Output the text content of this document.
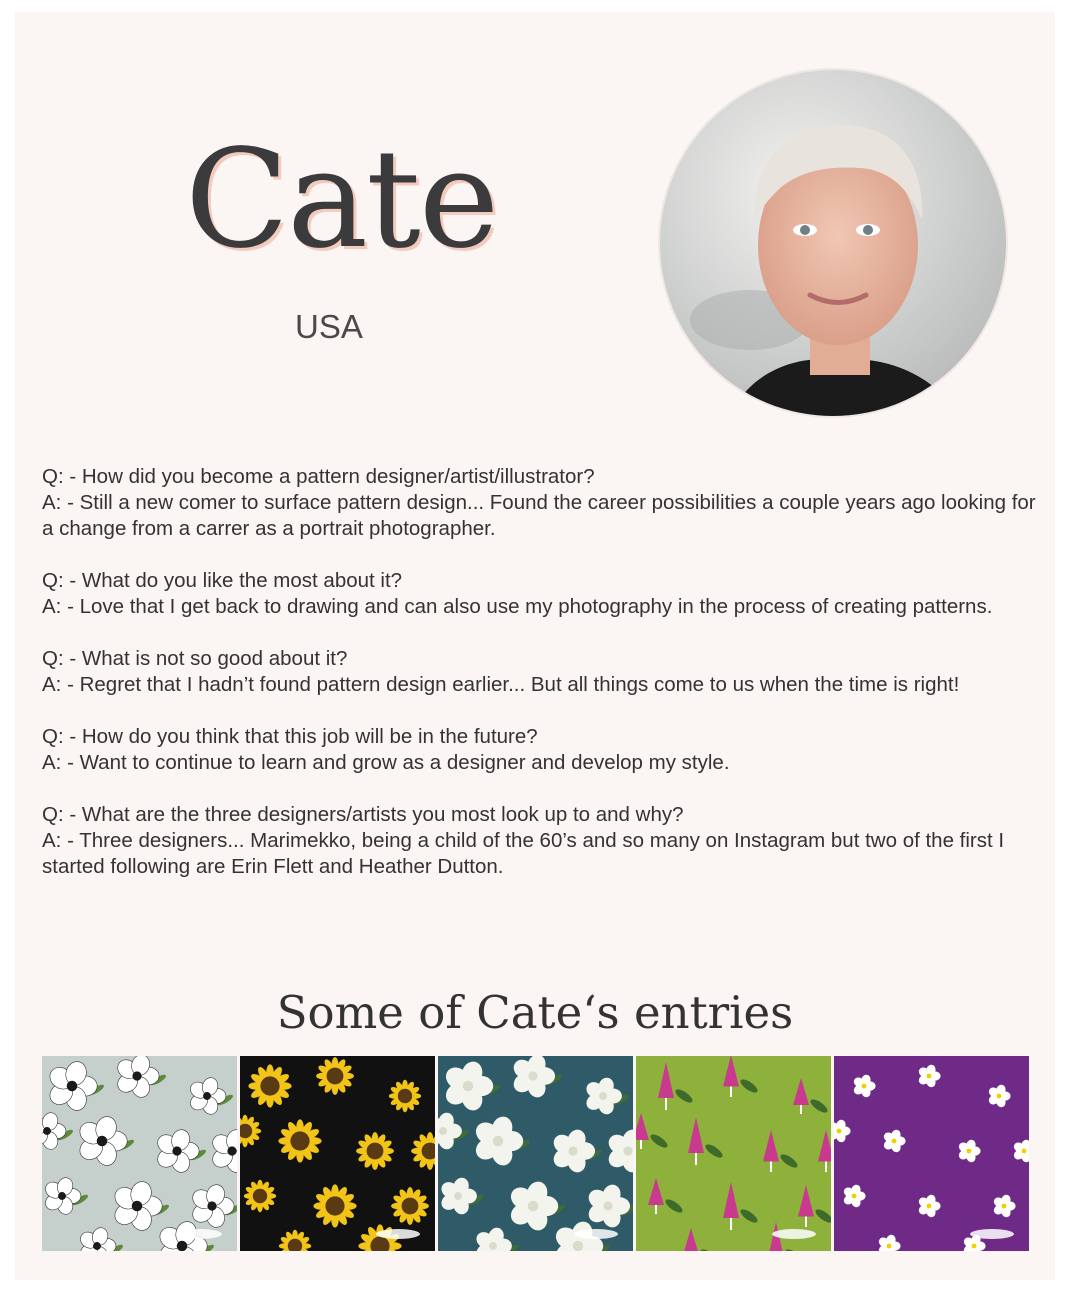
Cate
USA

Q: - How did you become a pattern designer/artist/illustrator?

A: - Still a new comer to surface pattern design... Found the career possibilities a couple years ago looking for a change from a carrer as a portrait photographer.

Q: - What do you like the most about it?

A: - Love that I get back to drawing and can also use my photography in the process of creating patterns.

Q: - What is not so good about it?

A: - Regret that I hadn’t found pattern design earlier... But all things come to us when the time is right!

Q: - How do you think that this job will be in the future?

A: - Want to continue to learn and grow as a designer and develop my style.

Q: - What are the three designers/artists you most look up to and why?

A: - Three designers... Marimekko, being a child of the 60’s and so many on Instagram but two of the first I started following are Erin Flett and Heather Dutton.

Some of Cate‘s entries
